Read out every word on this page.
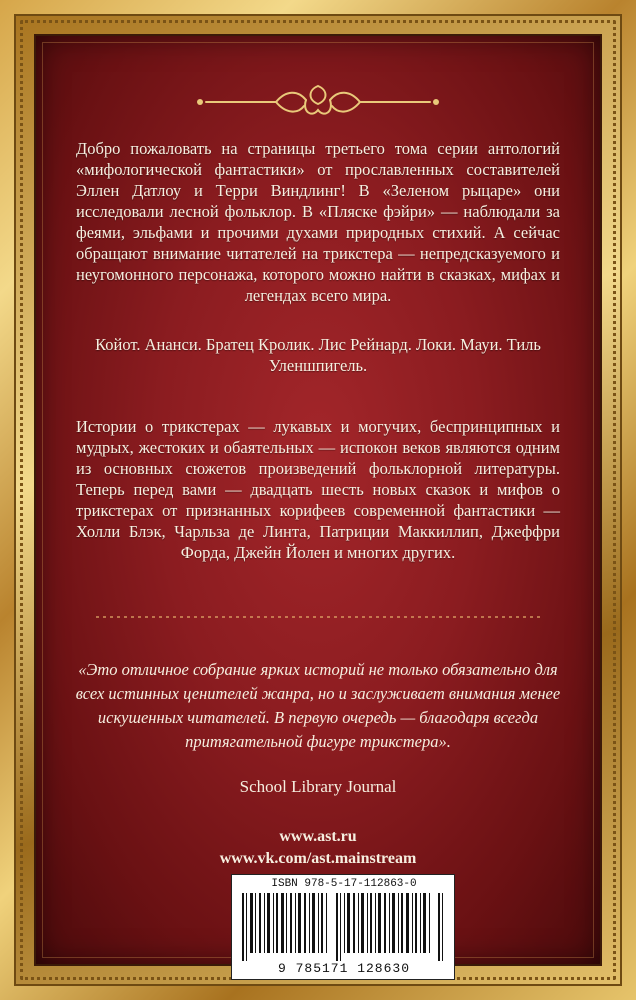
Добро пожаловать на страницы третьего тома серии антологий «мифологической фантастики» от прославленных составителей Эллен Датлоу и Терри Виндлинг! В «Зеленом рыцаре» они исследовали лесной фольклор. В «Пляске фэйри» — наблюдали за феями, эльфами и прочими духами природных стихий. А сейчас обращают внимание читателей на трикстера — непредсказуемого и неугомонного персонажа, которого можно найти в сказках, мифах и легендах всего мира.

Койот. Ананси. Братец Кролик. Лис Рейнард. Локи. Мауи. Тиль Уленшпигель.

Истории о трикстерах — лукавых и могучих, беспринципных и мудрых, жестоких и обаятельных — испокон веков являются одним из основных сюжетов произведений фольклорной литературы. Теперь перед вами — двадцать шесть новых сказок и мифов о трикстерах от признанных корифеев современной фантастики — Холли Блэк, Чарльза де Линта, Патриции Маккиллип, Джеффри Форда, Джейн Йолен и многих других.

«Это отличное собрание ярких историй не только обязательно для всех истинных ценителей жанра, но и заслуживает внимания менее искушенных читателей. В первую очередь — благодаря всегда притягательной фигуре трикстера».
School Library Journal
www.ast.ru
www.vk.com/ast.mainstream
ISBN 978-5-17-112863-0
9 785171 128630
